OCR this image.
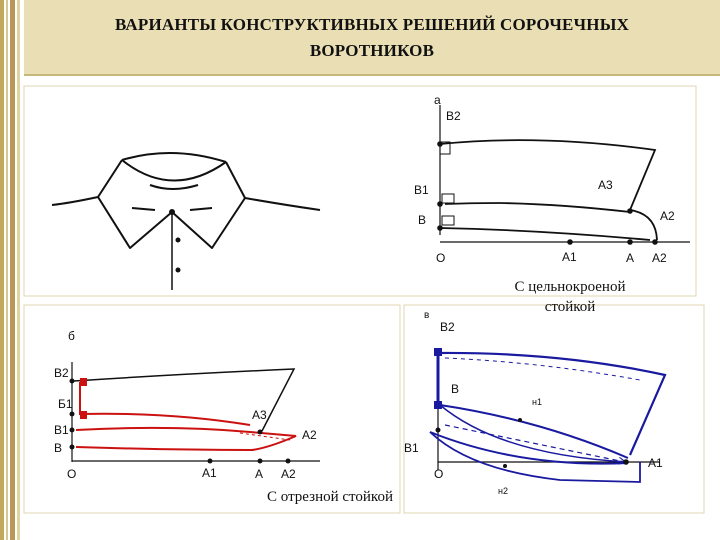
ВАРИАНТЫ КОНСТРУКТИВНЫХ РЕШЕНИЙ СОРОЧЕЧНЫХ
ВОРОТНИКОВ
а
В2
В1
В
О	А1	А А2
А3
А2
С цельнокроеной
стойкой
б
В2
Б1
В1
В
О	А1	А А2
А3
А2
С отрезной стойкой
в
В2
В
В1
О
А1
н1
н2
